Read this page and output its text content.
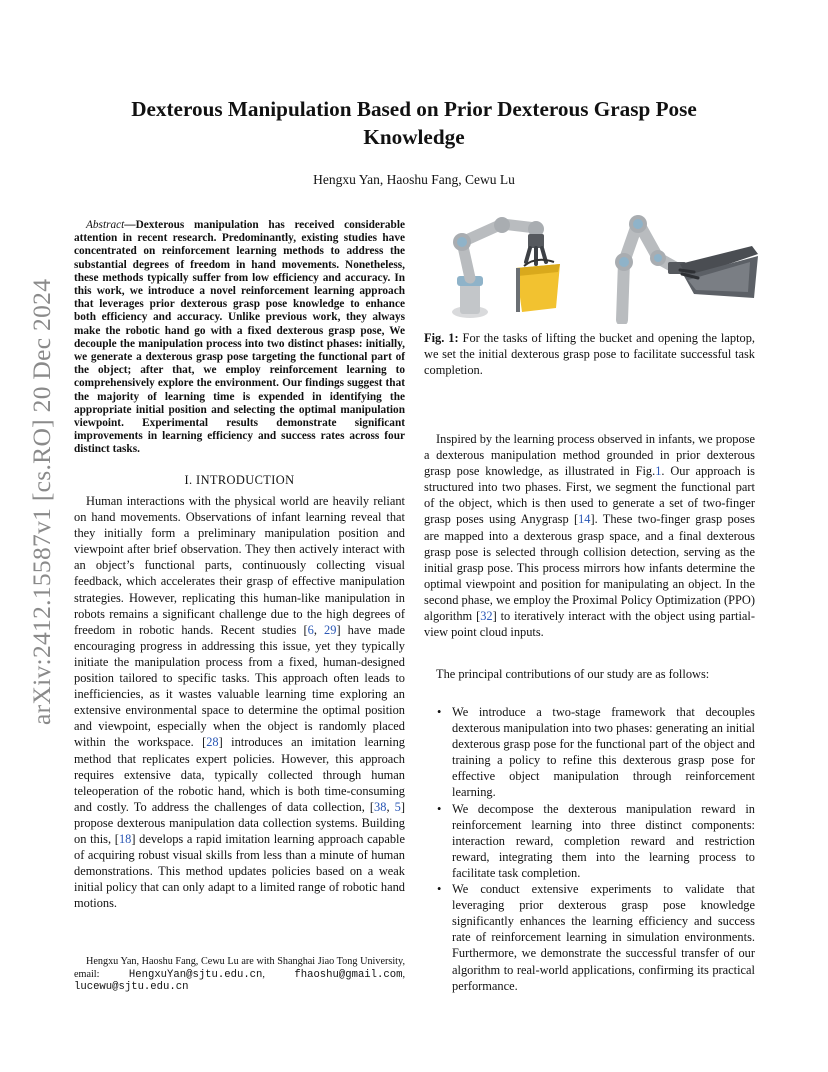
arXiv:2412.15587v1 [cs.RO] 20 Dec 2024
Dexterous Manipulation Based on Prior Dexterous Grasp Pose
Knowledge
Hengxu Yan, Haoshu Fang, Cewu Lu
Abstract—Dexterous manipulation has received considerable attention in recent research. Predominantly, existing studies have concentrated on reinforcement learning methods to address the substantial degrees of freedom in hand movements. Nonetheless, these methods typically suffer from low efficiency and accuracy. In this work, we introduce a novel reinforcement learning approach that leverages prior dexterous grasp pose knowledge to enhance both efficiency and accuracy. Unlike previous work, they always make the robotic hand go with a fixed dexterous grasp pose, We decouple the manipulation process into two distinct phases: initially, we generate a dexterous grasp pose targeting the functional part of the object; after that, we employ reinforcement learning to comprehensively explore the environment. Our findings suggest that the majority of learning time is expended in identifying the appropriate initial position and selecting the optimal manipulation viewpoint. Experimental results demonstrate significant improvements in learning efficiency and success rates across four distinct tasks.
I. INTRODUCTION

Human interactions with the physical world are heavily reliant on hand movements. Observations of infant learning reveal that they initially form a preliminary manipulation position and viewpoint after brief observation. They then actively interact with an object’s functional parts, continuously collecting visual feedback, which accelerates their grasp of effective manipulation strategies. However, replicating this human-like manipulation in robots remains a significant challenge due to the high degrees of freedom in robotic hands. Recent studies [6, 29] have made encouraging progress in addressing this issue, yet they typically initiate the manipulation process from a fixed, human-designed position tailored to specific tasks. This approach often leads to inefficiencies, as it wastes valuable learning time exploring an extensive environmental space to determine the optimal position and viewpoint, especially when the object is randomly placed within the workspace. [28] introduces an imitation learning method that replicates expert policies. However, this approach requires extensive data, typically collected through human teleoperation of the robotic hand, which is both time-consuming and costly. To address the challenges of data collection, [38, 5] propose dexterous manipulation data collection systems. Building on this, [18] develops a rapid imitation learning approach capable of acquiring robust visual skills from less than a minute of human demonstrations. This method updates policies based on a weak initial policy that can only adapt to a limited range of robotic hand motions.

Hengxu Yan, Haoshu Fang, Cewu Lu are with Shanghai Jiao Tong University, email: HengxuYan@sjtu.edu.cn, fhaoshu@gmail.com, lucewu@sjtu.edu.cn

Fig. 1: For the tasks of lifting the bucket and opening the laptop, we set the initial dexterous grasp pose to facilitate successful task completion.

Inspired by the learning process observed in infants, we propose a dexterous manipulation method grounded in prior dexterous grasp pose knowledge, as illustrated in Fig.1. Our approach is structured into two phases. First, we segment the functional part of the object, which is then used to generate a set of two-finger grasp poses using Anygrasp [14]. These two-finger grasp poses are mapped into a dexterous grasp space, and a final dexterous grasp pose is selected through collision detection, serving as the initial grasp pose. This process mirrors how infants determine the optimal viewpoint and position for manipulating an object. In the second phase, we employ the Proximal Policy Optimization (PPO) algorithm [32] to iteratively interact with the object using partial-view point cloud inputs.

The principal contributions of our study are as follows:

• We introduce a two-stage framework that decouples dexterous manipulation into two phases: generating an initial dexterous grasp pose for the functional part of the object and training a policy to refine this dexterous grasp pose for effective object manipulation through reinforcement learning.
• We decompose the dexterous manipulation reward in reinforcement learning into three distinct components: interaction reward, completion reward and restriction reward, integrating them into the learning process to facilitate task completion.
• We conduct extensive experiments to validate that leveraging prior dexterous grasp pose knowledge significantly enhances the learning efficiency and success rate of reinforcement learning in simulation environments. Furthermore, we demonstrate the successful transfer of our algorithm to real-world applications, confirming its practical performance.
